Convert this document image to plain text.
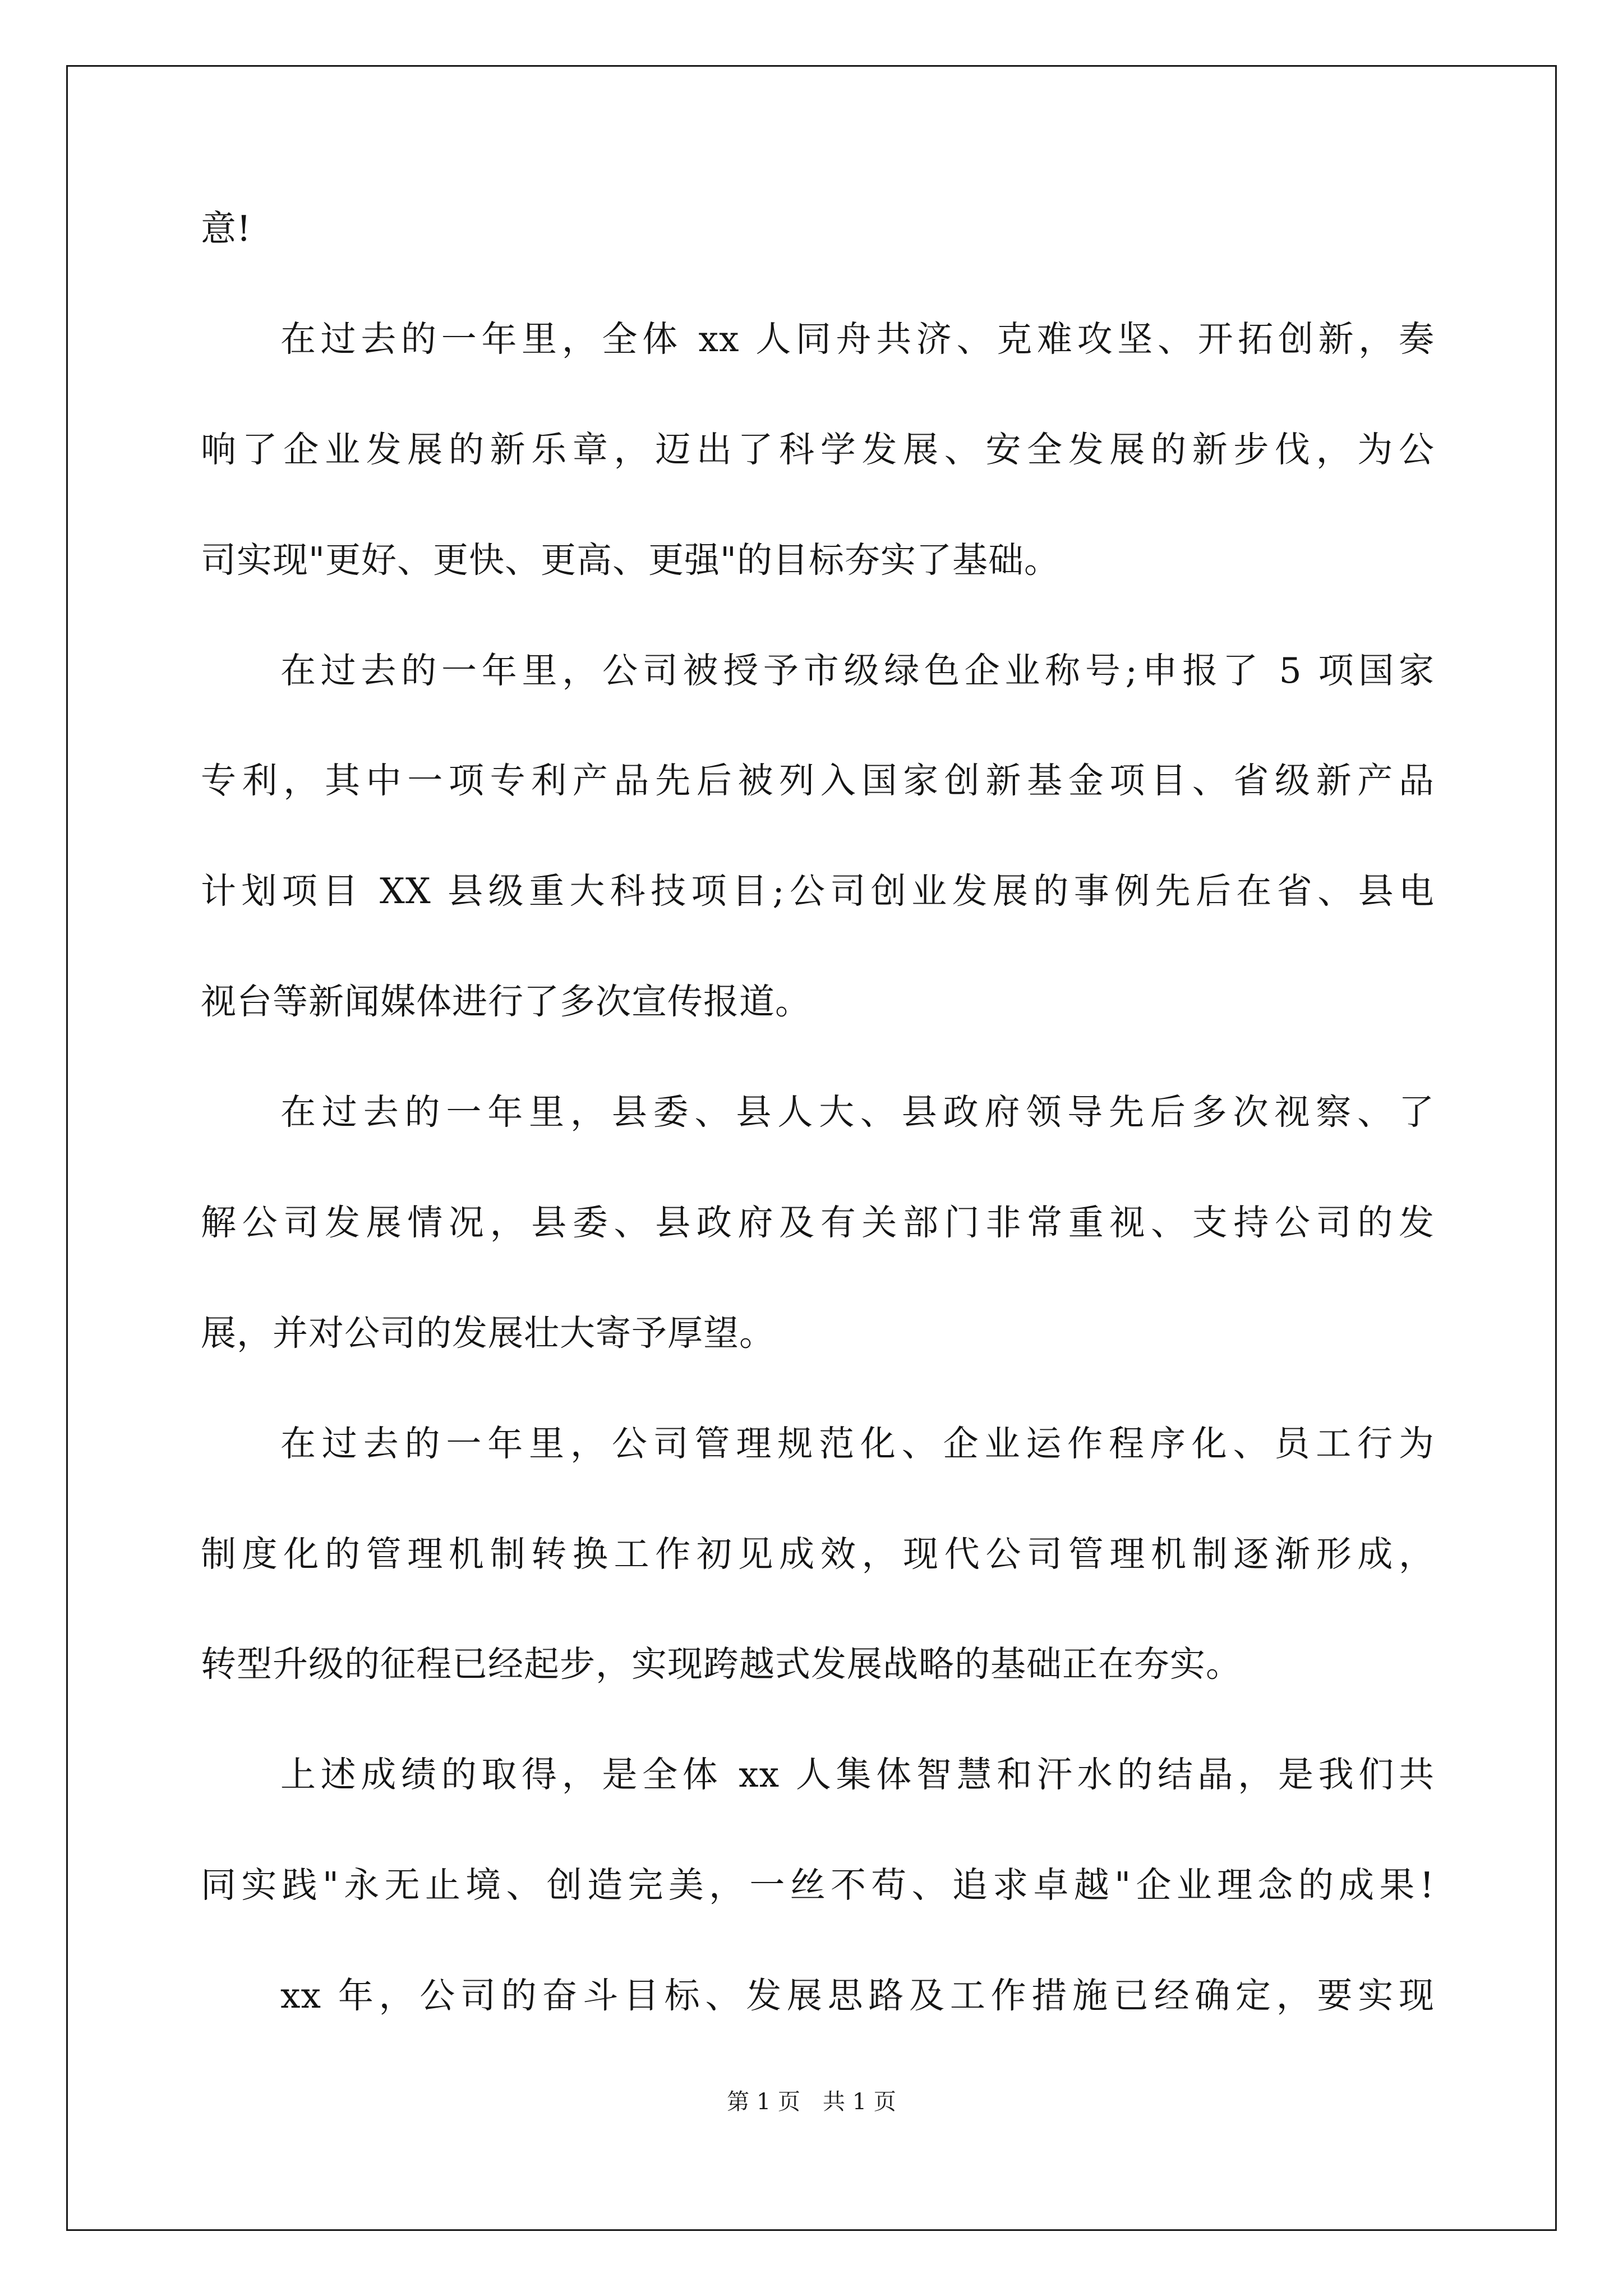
意!
在过去的一年里，全体 xx 人同舟共济、克难攻坚、开拓创新，奏
响了企业发展的新乐章，迈出了科学发展、安全发展的新步伐，为公
司实现"更好、更快、更高、更强"的目标夯实了基础。
在过去的一年里，公司被授予市级绿色企业称号;申报了 5 项国家
专利，其中一项专利产品先后被列入国家创新基金项目、省级新产品
计划项目 XX 县级重大科技项目;公司创业发展的事例先后在省、县电
视台等新闻媒体进行了多次宣传报道。
在过去的一年里，县委、县人大、县政府领导先后多次视察、了
解公司发展情况，县委、县政府及有关部门非常重视、支持公司的发
展，并对公司的发展壮大寄予厚望。
在过去的一年里，公司管理规范化、企业运作程序化、员工行为
制度化的管理机制转换工作初见成效，现代公司管理机制逐渐形成，
转型升级的征程已经起步，实现跨越式发展战略的基础正在夯实。
上述成绩的取得，是全体 xx 人集体智慧和汗水的结晶，是我们共
同实践"永无止境、创造完美，一丝不苟、追求卓越"企业理念的成果!
xx 年，公司的奋斗目标、发展思路及工作措施已经确定，要实现
第 1 页　共 1 页
